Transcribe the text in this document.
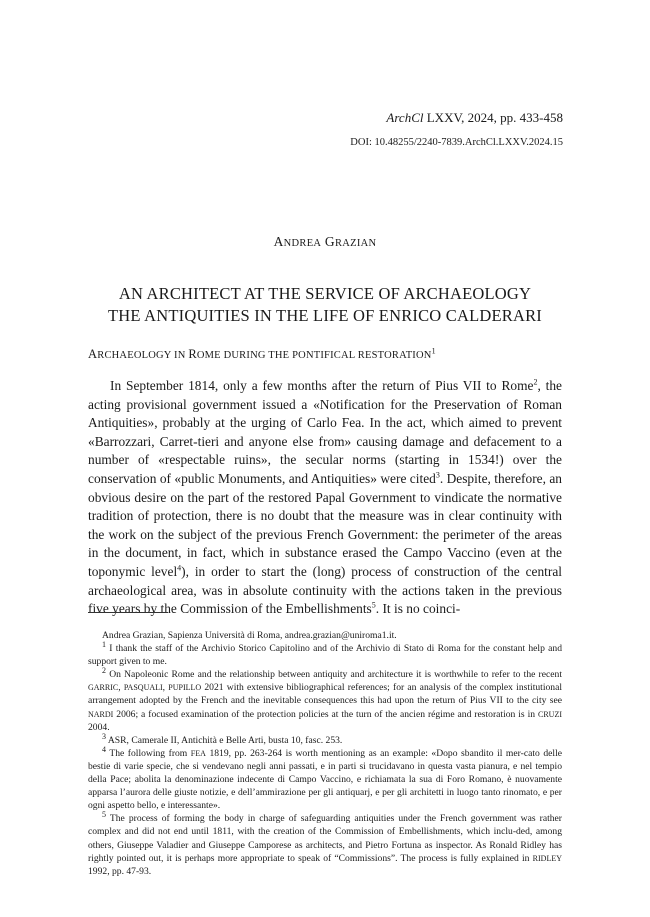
ArchCl LXXV, 2024, pp. 433-458
DOI: 10.48255/2240-7839.ArchCl.LXXV.2024.15
ANDREA GRAZIAN
AN ARCHITECT AT THE SERVICE OF ARCHAEOLOGY
THE ANTIQUITIES IN THE LIFE OF ENRICO CALDERARI
ARCHAEOLOGY IN ROME DURING THE PONTIFICAL RESTORATION$^1$

In September 1814, only a few months after the return of Pius VII to Rome$^2$, the acting provisional government issued a «Notification for the Preservation of Roman Antiquities», probably at the urging of Carlo Fea. In the act, which aimed to prevent «Barrozzari, Carret-tieri and anyone else from» causing damage and defacement to a number of «respectable ruins», the secular norms (starting in 1534!) over the conservation of «public Monuments, and Antiquities» were cited$^3$. Despite, therefore, an obvious desire on the part of the restored Papal Government to vindicate the normative tradition of protection, there is no doubt that the measure was in clear continuity with the work on the subject of the previous French Government: the perimeter of the areas in the document, in fact, which in substance erased the Campo Vaccino (even at the toponymic level$^4$), in order to start the (long) process of construction of the central archaeological area, was in absolute continuity with the actions taken in the previous five years by the Commission of the Embellishments$^5$. It is no coinci-

Andrea Grazian, Sapienza Università di Roma, andrea.grazian@uniroma1.it.

$^1$ I thank the staff of the Archivio Storico Capitolino and of the Archivio di Stato di Roma for the constant help and support given to me.

$^2$ On Napoleonic Rome and the relationship between antiquity and architecture it is worthwhile to refer to the recent GARRIC, PASQUALI, PUPILLO 2021 with extensive bibliographical references; for an analysis of the complex institutional arrangement adopted by the French and the inevitable consequences this had upon the return of Pius VII to the city see NARDI 2006; a focused examination of the protection policies at the turn of the ancien régime and restoration is in CRUZI 2004.

$^3$ ASR, Camerale II, Antichità e Belle Arti, busta 10, fasc. 253.

$^4$ The following from FEA 1819, pp. 263-264 is worth mentioning as an example: «Dopo sbandito il mer-cato delle bestie di varie specie, che si vendevano negli anni passati, e in parti si trucidavano in questa vasta pianura, e nel tempio della Pace; abolita la denominazione indecente di Campo Vaccino, e richiamata la sua di Foro Romano, è nuovamente apparsa l’aurora delle giuste notizie, e dell’ammirazione per gli antiquarj, e per gli architetti in luogo tanto rinomato, e per ogni aspetto bello, e interessante».

$^5$ The process of forming the body in charge of safeguarding antiquities under the French government was rather complex and did not end until 1811, with the creation of the Commission of Embellishments, which inclu-ded, among others, Giuseppe Valadier and Giuseppe Camporese as architects, and Pietro Fortuna as inspector. As Ronald Ridley has rightly pointed out, it is perhaps more appropriate to speak of “Commissions”. The process is fully explained in RIDLEY 1992, pp. 47-93.
